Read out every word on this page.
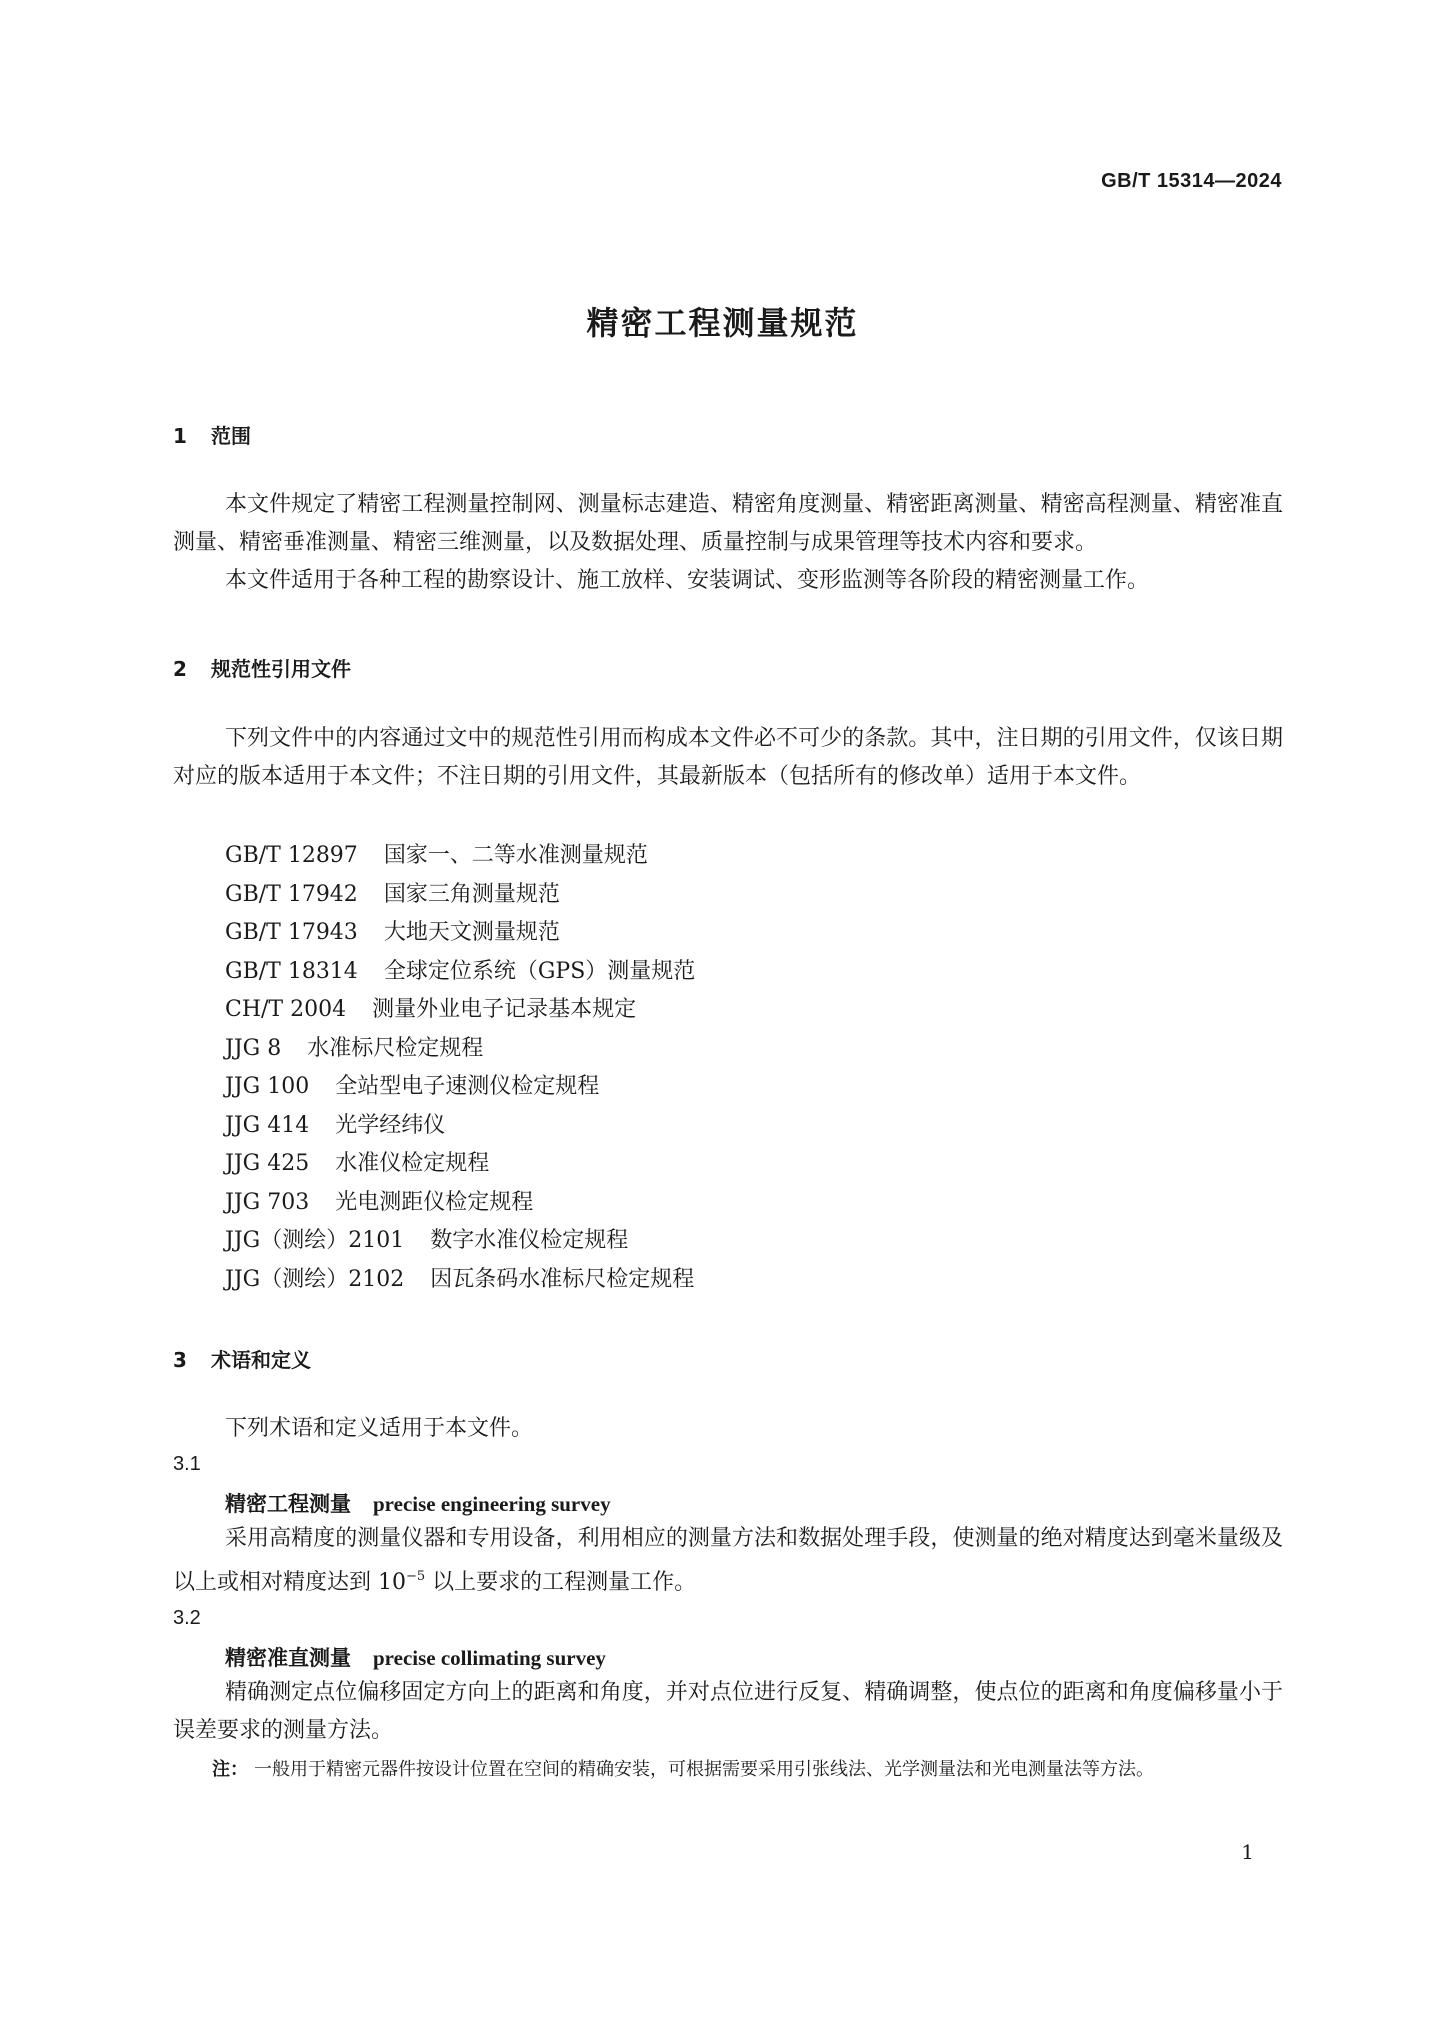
GB/T 15314—2024
精密工程测量规范
1 范围

本文件规定了精密工程测量控制网、测量标志建造、精密角度测量、精密距离测量、精密高程测量、精密准直测量、精密垂准测量、精密三维测量，以及数据处理、质量控制与成果管理等技术内容和要求。

本文件适用于各种工程的勘察设计、施工放样、安装调试、变形监测等各阶段的精密测量工作。

2 规范性引用文件

下列文件中的内容通过文中的规范性引用而构成本文件必不可少的条款。其中，注日期的引用文件，仅该日期对应的版本适用于本文件；不注日期的引用文件，其最新版本（包括所有的修改单）适用于本文件。

GB/T 12897 国家一、二等水准测量规范
GB/T 17942 国家三角测量规范
GB/T 17943 大地天文测量规范
GB/T 18314 全球定位系统（GPS）测量规范
CH/T 2004 测量外业电子记录基本规定
JJG 8 水准标尺检定规程
JJG 100 全站型电子速测仪检定规程
JJG 414 光学经纬仪
JJG 425 水准仪检定规程
JJG 703 光电测距仪检定规程
JJG（测绘）2101 数字水准仪检定规程
JJG（测绘）2102 因瓦条码水准标尺检定规程
3 术语和定义

下列术语和定义适用于本文件。

3.1
精密工程测量 precise engineering survey

采用高精度的测量仪器和专用设备，利用相应的测量方法和数据处理手段，使测量的绝对精度达到毫米量级及以上或相对精度达到 $10^{-5}$ 以上要求的工程测量工作。

3.2
精密准直测量 precise collimating survey

精确测定点位偏移固定方向上的距离和角度，并对点位进行反复、精确调整，使点位的距离和角度偏移量小于误差要求的测量方法。

注： 一般用于精密元器件按设计位置在空间的精确安装，可根据需要采用引张线法、光学测量法和光电测量法等方法。
1
